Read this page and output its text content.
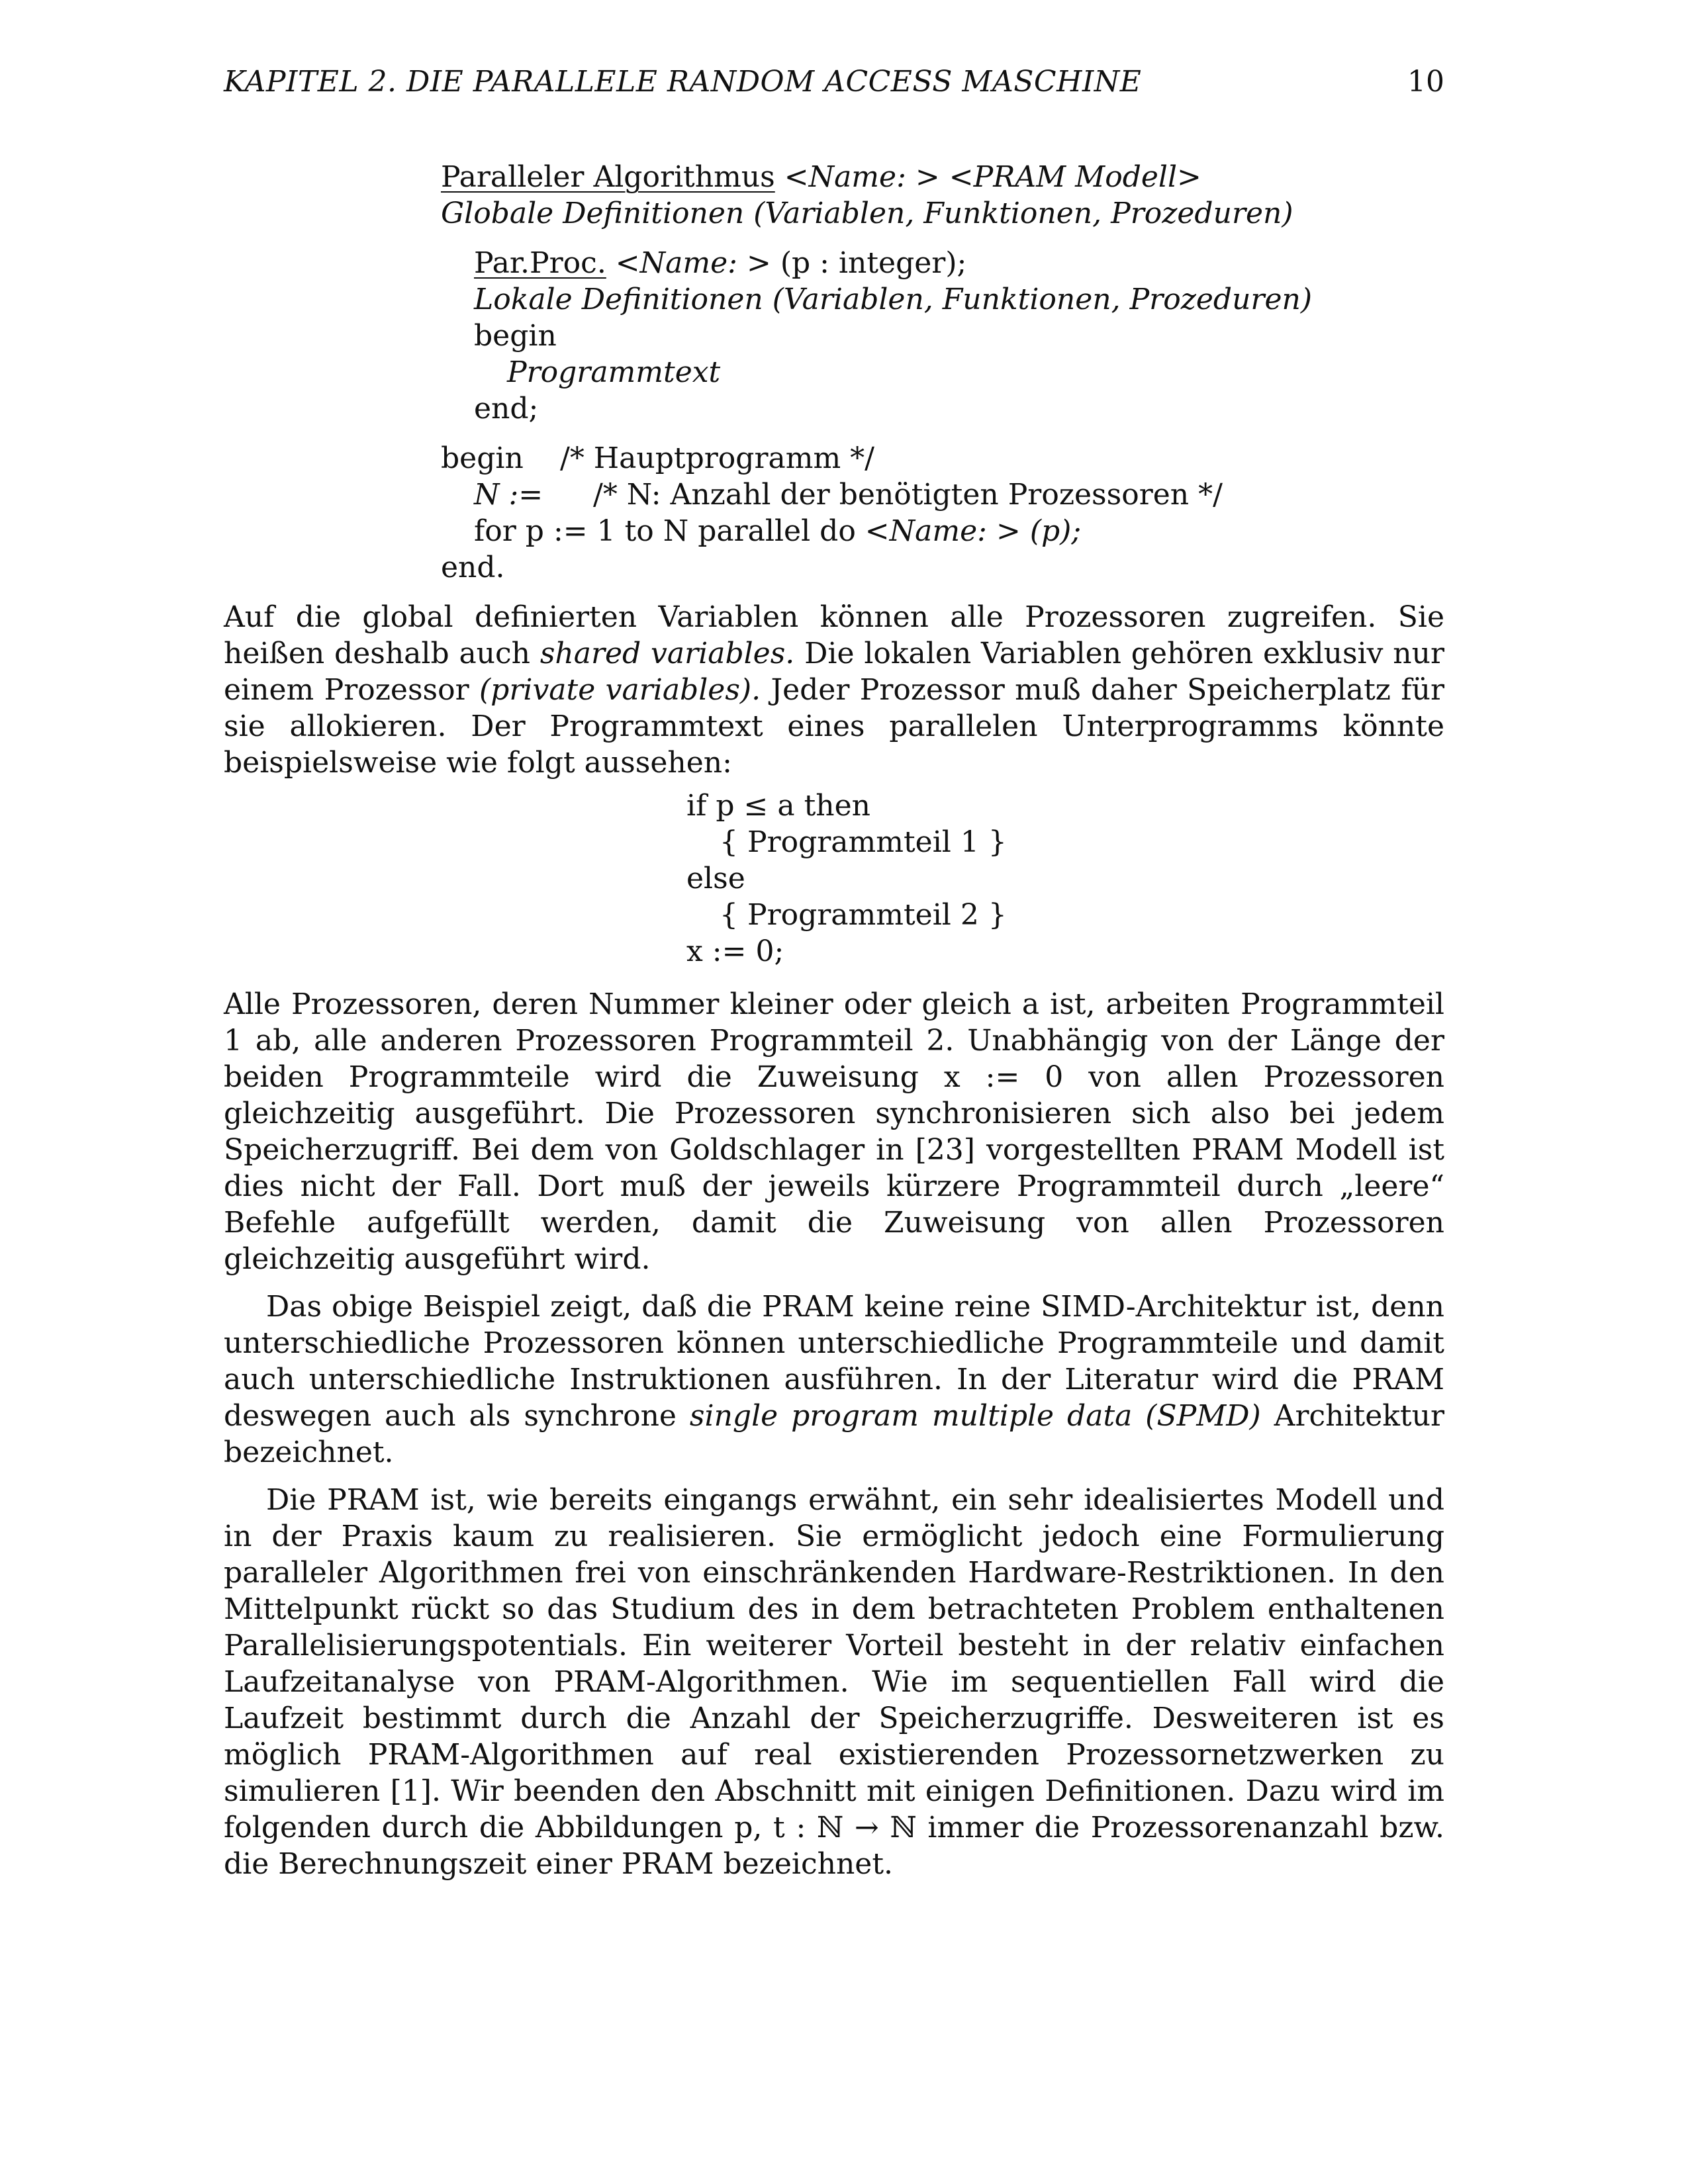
KAPITEL 2. DIE PARALLELE RANDOM ACCESS MASCHINE	10
Paralleler Algorithmus <Name: > <PRAM Modell>
Globale Definitionen (Variablen, Funktionen, Prozeduren)
Par.Proc. <Name: > (p : integer);
Lokale Definitionen (Variablen, Funktionen, Prozeduren)
begin
Programmtext
end;
begin /* Hauptprogramm */
N := /* N: Anzahl der benötigten Prozessoren */
for p := 1 to N parallel do <Name: > (p);
end.

Auf die global definierten Variablen können alle Prozessoren zugreifen. Sie heißen deshalb auch shared variables. Die lokalen Variablen gehören exklusiv nur einem Prozessor (private variables). Jeder Prozessor muß daher Speicherplatz für sie allokieren. Der Programmtext eines parallelen Unterprogramms könnte beispielsweise wie folgt aussehen:

if p ≤ a then
{ Programmteil 1 }
else
{ Programmteil 2 }
x := 0;

Alle Prozessoren, deren Nummer kleiner oder gleich a ist, arbeiten Programmteil 1 ab, alle anderen Prozessoren Programmteil 2. Unabhängig von der Länge der beiden Programmteile wird die Zuweisung x := 0 von allen Prozessoren gleichzeitig ausgeführt. Die Prozessoren synchronisieren sich also bei jedem Speicherzugriff. Bei dem von Goldschlager in [23] vorgestellten PRAM Modell ist dies nicht der Fall. Dort muß der jeweils kürzere Programmteil durch „leere“ Befehle aufgefüllt werden, damit die Zuweisung von allen Prozessoren gleichzeitig ausgeführt wird.

Das obige Beispiel zeigt, daß die PRAM keine reine SIMD-Architektur ist, denn unterschiedliche Prozessoren können unterschiedliche Programmteile und damit auch unterschiedliche Instruktionen ausführen. In der Literatur wird die PRAM deswegen auch als synchrone single program multiple data (SPMD) Architektur bezeichnet.

Die PRAM ist, wie bereits eingangs erwähnt, ein sehr idealisiertes Modell und in der Praxis kaum zu realisieren. Sie ermöglicht jedoch eine Formulierung paralleler Algorithmen frei von einschränkenden Hardware-Restriktionen. In den Mittelpunkt rückt so das Studium des in dem betrachteten Problem enthaltenen Parallelisierungspotentials. Ein weiterer Vorteil besteht in der relativ einfachen Laufzeitanalyse von PRAM-Algorithmen. Wie im sequentiellen Fall wird die Laufzeit bestimmt durch die Anzahl der Speicherzugriffe. Desweiteren ist es möglich PRAM-Algorithmen auf real existierenden Prozessornetzwerken zu simulieren [1]. Wir beenden den Abschnitt mit einigen Definitionen. Dazu wird im folgenden durch die Abbildungen p, t : ℕ → ℕ immer die Prozessorenanzahl bzw. die Berechnungszeit einer PRAM bezeichnet.
